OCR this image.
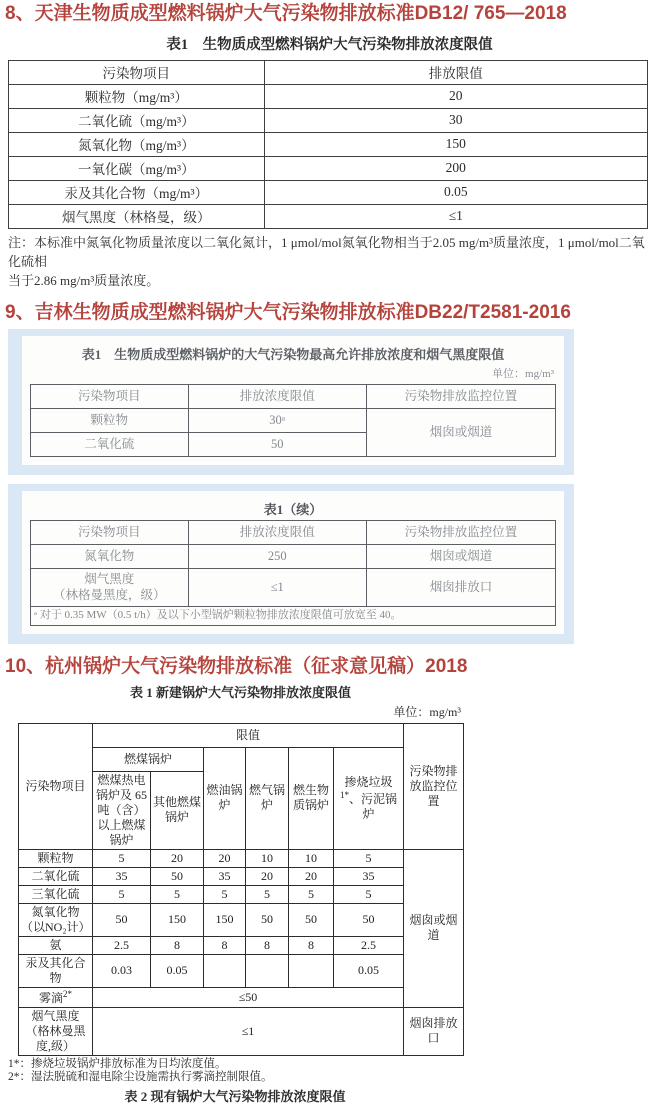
8、天津生物质成型燃料锅炉大气污染物排放标准DB12/ 765—2018
表1　生物质成型燃料锅炉大气污染物排放浓度限值
污染物项目	排放限值
颗粒物（mg/m³）	20
二氧化硫（mg/m³）	30
氮氧化物（mg/m³）	150
一氧化碳（mg/m³）	200
汞及其化合物（mg/m³）	0.05
烟气黑度（林格曼，级）	≤1
注：本标准中氮氧化物质量浓度以二氧化氮计，1 μmol/mol氮氧化物相当于2.05 mg/m³质量浓度，1 μmol/mol二氧化硫相
当于2.86 mg/m³质量浓度。
9、吉林生物质成型燃料锅炉大气污染物排放标准DB22/T2581-2016
表1　生物质成型燃料锅炉的大气污染物最高允许排放浓度和烟气黑度限值
单位：mg/m³
污染物项目	排放浓度限值	污染物排放监控位置
颗粒物	30ᵃ	烟囱或烟道
二氧化硫	50	
表1（续）
污染物项目	排放浓度限值	污染物排放监控位置
氮氧化物	250	烟囱或烟道

烟气黑度
（林格曼黑度，级）	≤1	烟囱排放口
ᵃ 对于 0.35 MW（0.5 t/h）及以下小型锅炉颗粒物排放浓度限值可放宽至 40。		
10、杭州锅炉大气污染物排放标准（征求意见稿）2018
表 1 新建锅炉大气污染物排放浓度限值
单位：mg/m³
污染物项目	限值						污染物排放监控位置
	燃煤锅炉		燃油锅炉	燃气锅炉	燃生物质锅炉	掺烧垃圾$^{1*}$、污泥锅炉	
	燃煤热电锅炉及 65 吨（含）以上燃煤锅炉	其他燃煤锅炉					
颗粒物	5	20	20	10	10	5	烟囱或烟道
二氧化硫	35	50	35	20	20	35	
三氧化硫	5	5	5	5	5	5	
氮氧化物（以NO₂计）	50	150	150	50	50	50	
氨	2.5	8	8	8	8	2.5	
汞及其化合物	0.03	0.05				0.05	
雾滴$^{2*}$	≤50						
烟气黑度（格林曼黑度,级）	≤1						烟囱排放口
1*：掺烧垃圾锅炉排放标准为日均浓度值。
2*：湿法脱硫和湿电除尘设施需执行雾滴控制限值。
表 2 现有锅炉大气污染物排放浓度限值
